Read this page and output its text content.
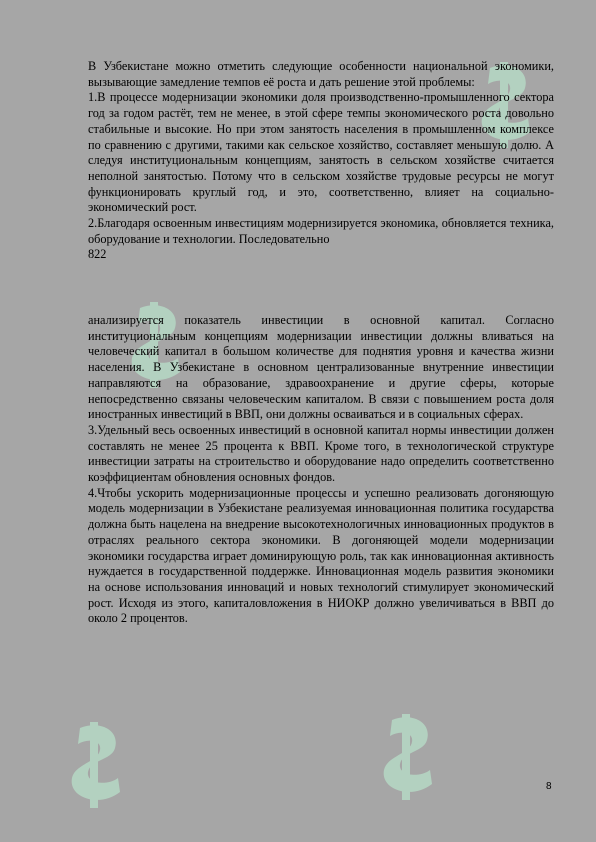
В Узбекистане можно отметить следующие особенности национальной экономики, вызывающие замедление темпов её роста и дать решение этой проблемы:

1.В процессе модернизации экономики доля производственно-промышленного сектора год за годом растёт, тем не менее, в этой сфере темпы экономического роста довольно стабильные и высокие. Но при этом занятость населения в промышленном комплексе по сравнению с другими, такими как сельское хозяйство, составляет меньшую долю. А следуя институциональным концепциям, занятость в сельском хозяйстве считается неполной занятостью. Потому что в сельском хозяйстве трудовые ресурсы не могут функционировать круглый год, и это, соответственно, влияет на социально-экономический рост.

2.Благодаря освоенным инвестициям модернизируется экономика, обновляется техника, оборудование и технологии. Последовательно

822

анализируется показатель инвестиции в основной капитал. Согласно институциональным концепциям модернизации инвестиции должны вливаться на человеческий капитал в большом количестве для поднятия уровня и качества жизни населения. В Узбекистане в основном централизованные внутренние инвестиции направляются на образование, здравоохранение и другие сферы, которые непосредственно связаны человеческим капиталом. В связи с повышением роста доля иностранных инвестиций в ВВП, они должны осваиваться и в социальных сферах.

3.Удельный весь освоенных инвестиций в основной капитал нормы инвестиции должен составлять не менее 25 процента к ВВП. Кроме того, в технологической структуре инвестиции затраты на строительство и оборудование надо определить соответственно коэффициентам обновления основных фондов.

4.Чтобы ускорить модернизационные процессы и успешно реализовать догоняющую модель модернизации в Узбекистане реализуемая инновационная политика государства должна быть нацелена на внедрение высокотехнологичных инновационных продуктов в отраслях реального сектора экономики. В догоняющей модели модернизации экономики государства играет доминирующую роль, так как инновационная активность нуждается в государственной поддержке. Инновационная модель развития экономики на основе использования инноваций и новых технологий стимулирует экономический рост. Исходя из этого, капиталовложения в НИОКР должно увеличиваться в ВВП до около 2 процентов.

8
